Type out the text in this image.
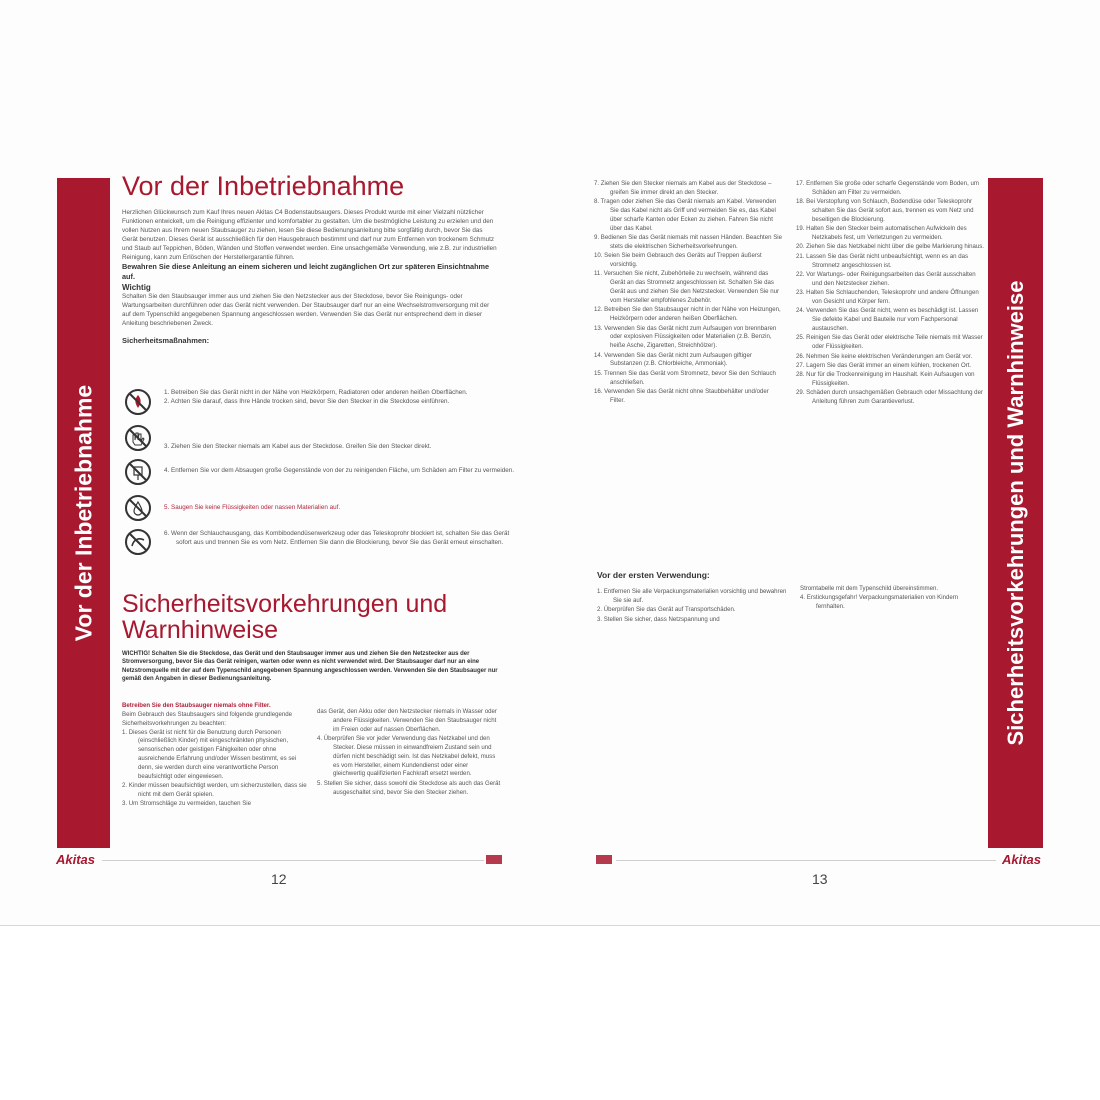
Vor der Inbetriebnahme
Vor der Inbetriebnahme
Herzlichen Glückwunsch zum Kauf Ihres neuen Akitas C4 Bodenstaubsaugers. Dieses Produkt wurde mit einer Vielzahl nützlicher Funktionen entwickelt, um die Reinigung effizienter und komfortabler zu gestalten. Um die bestmögliche Leistung zu erzielen und den vollen Nutzen aus Ihrem neuen Staubsauger zu ziehen, lesen Sie diese Bedienungsanleitung bitte sorgfältig durch, bevor Sie das Gerät benutzen. Dieses Gerät ist ausschließlich für den Hausgebrauch bestimmt und darf nur zum Entfernen von trockenem Schmutz und Staub auf Teppichen, Böden, Wänden und Stoffen verwendet werden. Eine unsachgemäße Verwendung, wie z.B. zur industriellen Reinigung, kann zum Erlöschen der Herstellergarantie führen.
Bewahren Sie diese Anleitung an einem sicheren und leicht zugänglichen Ort zur späteren Einsichtnahme auf.
Wichtig
Schalten Sie den Staubsauger immer aus und ziehen Sie den Netzstecker aus der Steckdose, bevor Sie Reinigungs- oder Wartungsarbeiten durchführen oder das Gerät nicht verwenden. Der Staubsauger darf nur an eine Wechselstromversorgung mit der auf dem Typenschild angegebenen Spannung angeschlossen werden. Verwenden Sie das Gerät nur entsprechend dem in dieser Anleitung beschriebenen Zweck.
Sicherheitsmaßnahmen:
1. Betreiben Sie das Gerät nicht in der Nähe von Heizkörpern, Radiatoren oder anderen heißen Oberflächen.
2. Achten Sie darauf, dass Ihre Hände trocken sind, bevor Sie den Stecker in die Steckdose einführen.
3. Ziehen Sie den Stecker niemals am Kabel aus der Steckdose. Greifen Sie den Stecker direkt.
4. Entfernen Sie vor dem Absaugen große Gegenstände von der zu reinigenden Fläche, um Schäden am Filter zu vermeiden.
5. Saugen Sie keine Flüssigkeiten oder nassen Materialien auf.
6. Wenn der Schlauchausgang, das Kombibodendüsenwerkzeug oder das Teleskoprohr blockiert ist, schalten Sie das Gerät sofort aus und trennen Sie es vom Netz. Entfernen Sie dann die Blockierung, bevor Sie das Gerät erneut einschalten.
Sicherheitsvorkehrungen und
Warnhinweise
WICHTIG! Schalten Sie die Steckdose, das Gerät und den Staubsauger immer aus und ziehen Sie den Netzstecker aus der Stromversorgung, bevor Sie das Gerät reinigen, warten oder wenn es nicht verwendet wird. Der Staubsauger darf nur an eine Netzstromquelle mit der auf dem Typenschild angegebenen Spannung angeschlossen werden. Verwenden Sie den Staubsauger nur gemäß den Angaben in dieser Bedienungsanleitung.
Betreiben Sie den Staubsauger niemals ohne Filter.
Beim Gebrauch des Staubsaugers sind folgende grundlegende Sicherheitsvorkehrungen zu beachten:
1. Dieses Gerät ist nicht für die Benutzung durch Personen (einschließlich Kinder) mit eingeschränkten physischen, sensorischen oder geistigen Fähigkeiten oder ohne ausreichende Erfahrung und/oder Wissen bestimmt, es sei denn, sie werden durch eine verantwortliche Person beaufsichtigt oder eingewiesen.
2. Kinder müssen beaufsichtigt werden, um sicherzustellen, dass sie nicht mit dem Gerät spielen.
3. Um Stromschläge zu vermeiden, tauchen Sie
das Gerät, den Akku oder den Netzstecker niemals in Wasser oder andere Flüssigkeiten. Verwenden Sie den Staubsauger nicht im Freien oder auf nassen Oberflächen.
4. Überprüfen Sie vor jeder Verwendung das Netzkabel und den Stecker. Diese müssen in einwandfreiem Zustand sein und dürfen nicht beschädigt sein. Ist das Netzkabel defekt, muss es vom Hersteller, einem Kundendienst oder einer gleichwertig qualifizierten Fachkraft ersetzt werden.
5. Stellen Sie sicher, dass sowohl die Steckdose als auch das Gerät ausgeschaltet sind, bevor Sie den Stecker ziehen.
Akitas
12
7. Ziehen Sie den Stecker niemals am Kabel aus der Steckdose – greifen Sie immer direkt an den Stecker.
8. Tragen oder ziehen Sie das Gerät niemals am Kabel. Verwenden Sie das Kabel nicht als Griff und vermeiden Sie es, das Kabel über scharfe Kanten oder Ecken zu ziehen. Fahren Sie nicht über das Kabel.
9. Bedienen Sie das Gerät niemals mit nassen Händen. Beachten Sie stets die elektrischen Sicherheitsvorkehrungen.
10. Seien Sie beim Gebrauch des Geräts auf Treppen äußerst vorsichtig.
11. Versuchen Sie nicht, Zubehörteile zu wechseln, während das Gerät an das Stromnetz angeschlossen ist. Schalten Sie das Gerät aus und ziehen Sie den Netzstecker. Verwenden Sie nur vom Hersteller empfohlenes Zubehör.
12. Betreiben Sie den Staubsauger nicht in der Nähe von Heizungen, Heizkörpern oder anderen heißen Oberflächen.
13. Verwenden Sie das Gerät nicht zum Aufsaugen von brennbaren oder explosiven Flüssigkeiten oder Materialien (z.B. Benzin, heiße Asche, Zigaretten, Streichhölzer).
14. Verwenden Sie das Gerät nicht zum Aufsaugen giftiger Substanzen (z.B. Chlorbleiche, Ammoniak).
15. Trennen Sie das Gerät vom Stromnetz, bevor Sie den Schlauch anschließen.
16. Verwenden Sie das Gerät nicht ohne Staubbehälter und/oder Filter.
17. Entfernen Sie große oder scharfe Gegenstände vom Boden, um Schäden am Filter zu vermeiden.
18. Bei Verstopfung von Schlauch, Bodendüse oder Teleskoprohr schalten Sie das Gerät sofort aus, trennen es vom Netz und beseitigen die Blockierung.
19. Halten Sie den Stecker beim automatischen Aufwickeln des Netzkabels fest, um Verletzungen zu vermeiden.
20. Ziehen Sie das Netzkabel nicht über die gelbe Markierung hinaus.
21. Lassen Sie das Gerät nicht unbeaufsichtigt, wenn es an das Stromnetz angeschlossen ist.
22. Vor Wartungs- oder Reinigungsarbeiten das Gerät ausschalten und den Netzstecker ziehen.
23. Halten Sie Schlauchenden, Teleskoprohr und andere Öffnungen von Gesicht und Körper fern.
24. Verwenden Sie das Gerät nicht, wenn es beschädigt ist. Lassen Sie defekte Kabel und Bauteile nur vom Fachpersonal austauschen.
25. Reinigen Sie das Gerät oder elektrische Teile niemals mit Wasser oder Flüssigkeiten.
26. Nehmen Sie keine elektrischen Veränderungen am Gerät vor.
27. Lagern Sie das Gerät immer an einem kühlen, trockenen Ort.
28. Nur für die Trockenreinigung im Haushalt. Kein Aufsaugen von Flüssigkeiten.
29. Schäden durch unsachgemäßen Gebrauch oder Missachtung der Anleitung führen zum Garantieverlust.
Vor der ersten Verwendung:
1. Entfernen Sie alle Verpackungsmaterialien vorsichtig und bewahren Sie sie auf.
2. Überprüfen Sie das Gerät auf Transportschäden.
3. Stellen Sie sicher, dass Netzspannung und
Stromtabelle mit dem Typenschild übereinstimmen.
4. Erstickungsgefahr! Verpackungsmaterialien von Kindern fernhalten.	Sicherheitsvorkehrungen und Warnhinweise
Akitas
13
